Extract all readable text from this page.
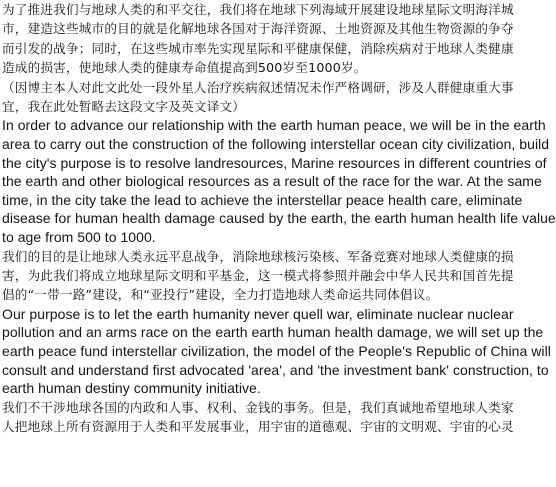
为了推进我们与地球人类的和平交往，我们将在地球下列海域开展建设地球星际文明海洋城
市，建造这些城市的目的就是化解地球各国对于海洋资源、土地资源及其他生物资源的争夺
而引发的战争；同时，在这些城市率先实现星际和平健康保健，消除疾病对于地球人类健康
造成的损害，使地球人类的健康寿命值提高到500岁至1000岁。
（因博主本人对此文此处一段外星人治疗疾病叙述情况未作严格调研，涉及人群健康重大事
宜，我在此处暂略去这段文字及英文译文）
In order to advance our relationship with the earth human peace, we will be in the earth
area to carry out the construction of the following interstellar ocean city civilization, build
the city's purpose is to resolve landresources, Marine resources in different countries of
the earth and other biological resources as a result of the race for the war. At the same
time, in the city take the lead to achieve the interstellar peace health care, eliminate
disease for human health damage caused by the earth, the earth human health life value
to age from 500 to 1000.
我们的目的是让地球人类永远平息战争，消除地球核污染核、军备竞赛对地球人类健康的损
害，为此我们将成立地球星际文明和平基金，这一模式将参照并融会中华人民共和国首先提
倡的“一带一路”建设，和“亚投行”建设，全力打造地球人类命运共同体倡议。
Our purpose is to let the earth humanity never quell war, eliminate nuclear nuclear
pollution and an arms race on the earth earth human health damage, we will set up the
earth peace fund interstellar civilization, the model of the People's Republic of China will
consult and understand first advocated 'area', and 'the investment bank' construction, to
earth human destiny community initiative.
我们不干涉地球各国的内政和人事、权利、金钱的事务。但是，我们真诚地希望地球人类家
人把地球上所有资源用于人类和平发展事业，用宇宙的道德观、宇宙的文明观、宇宙的心灵
